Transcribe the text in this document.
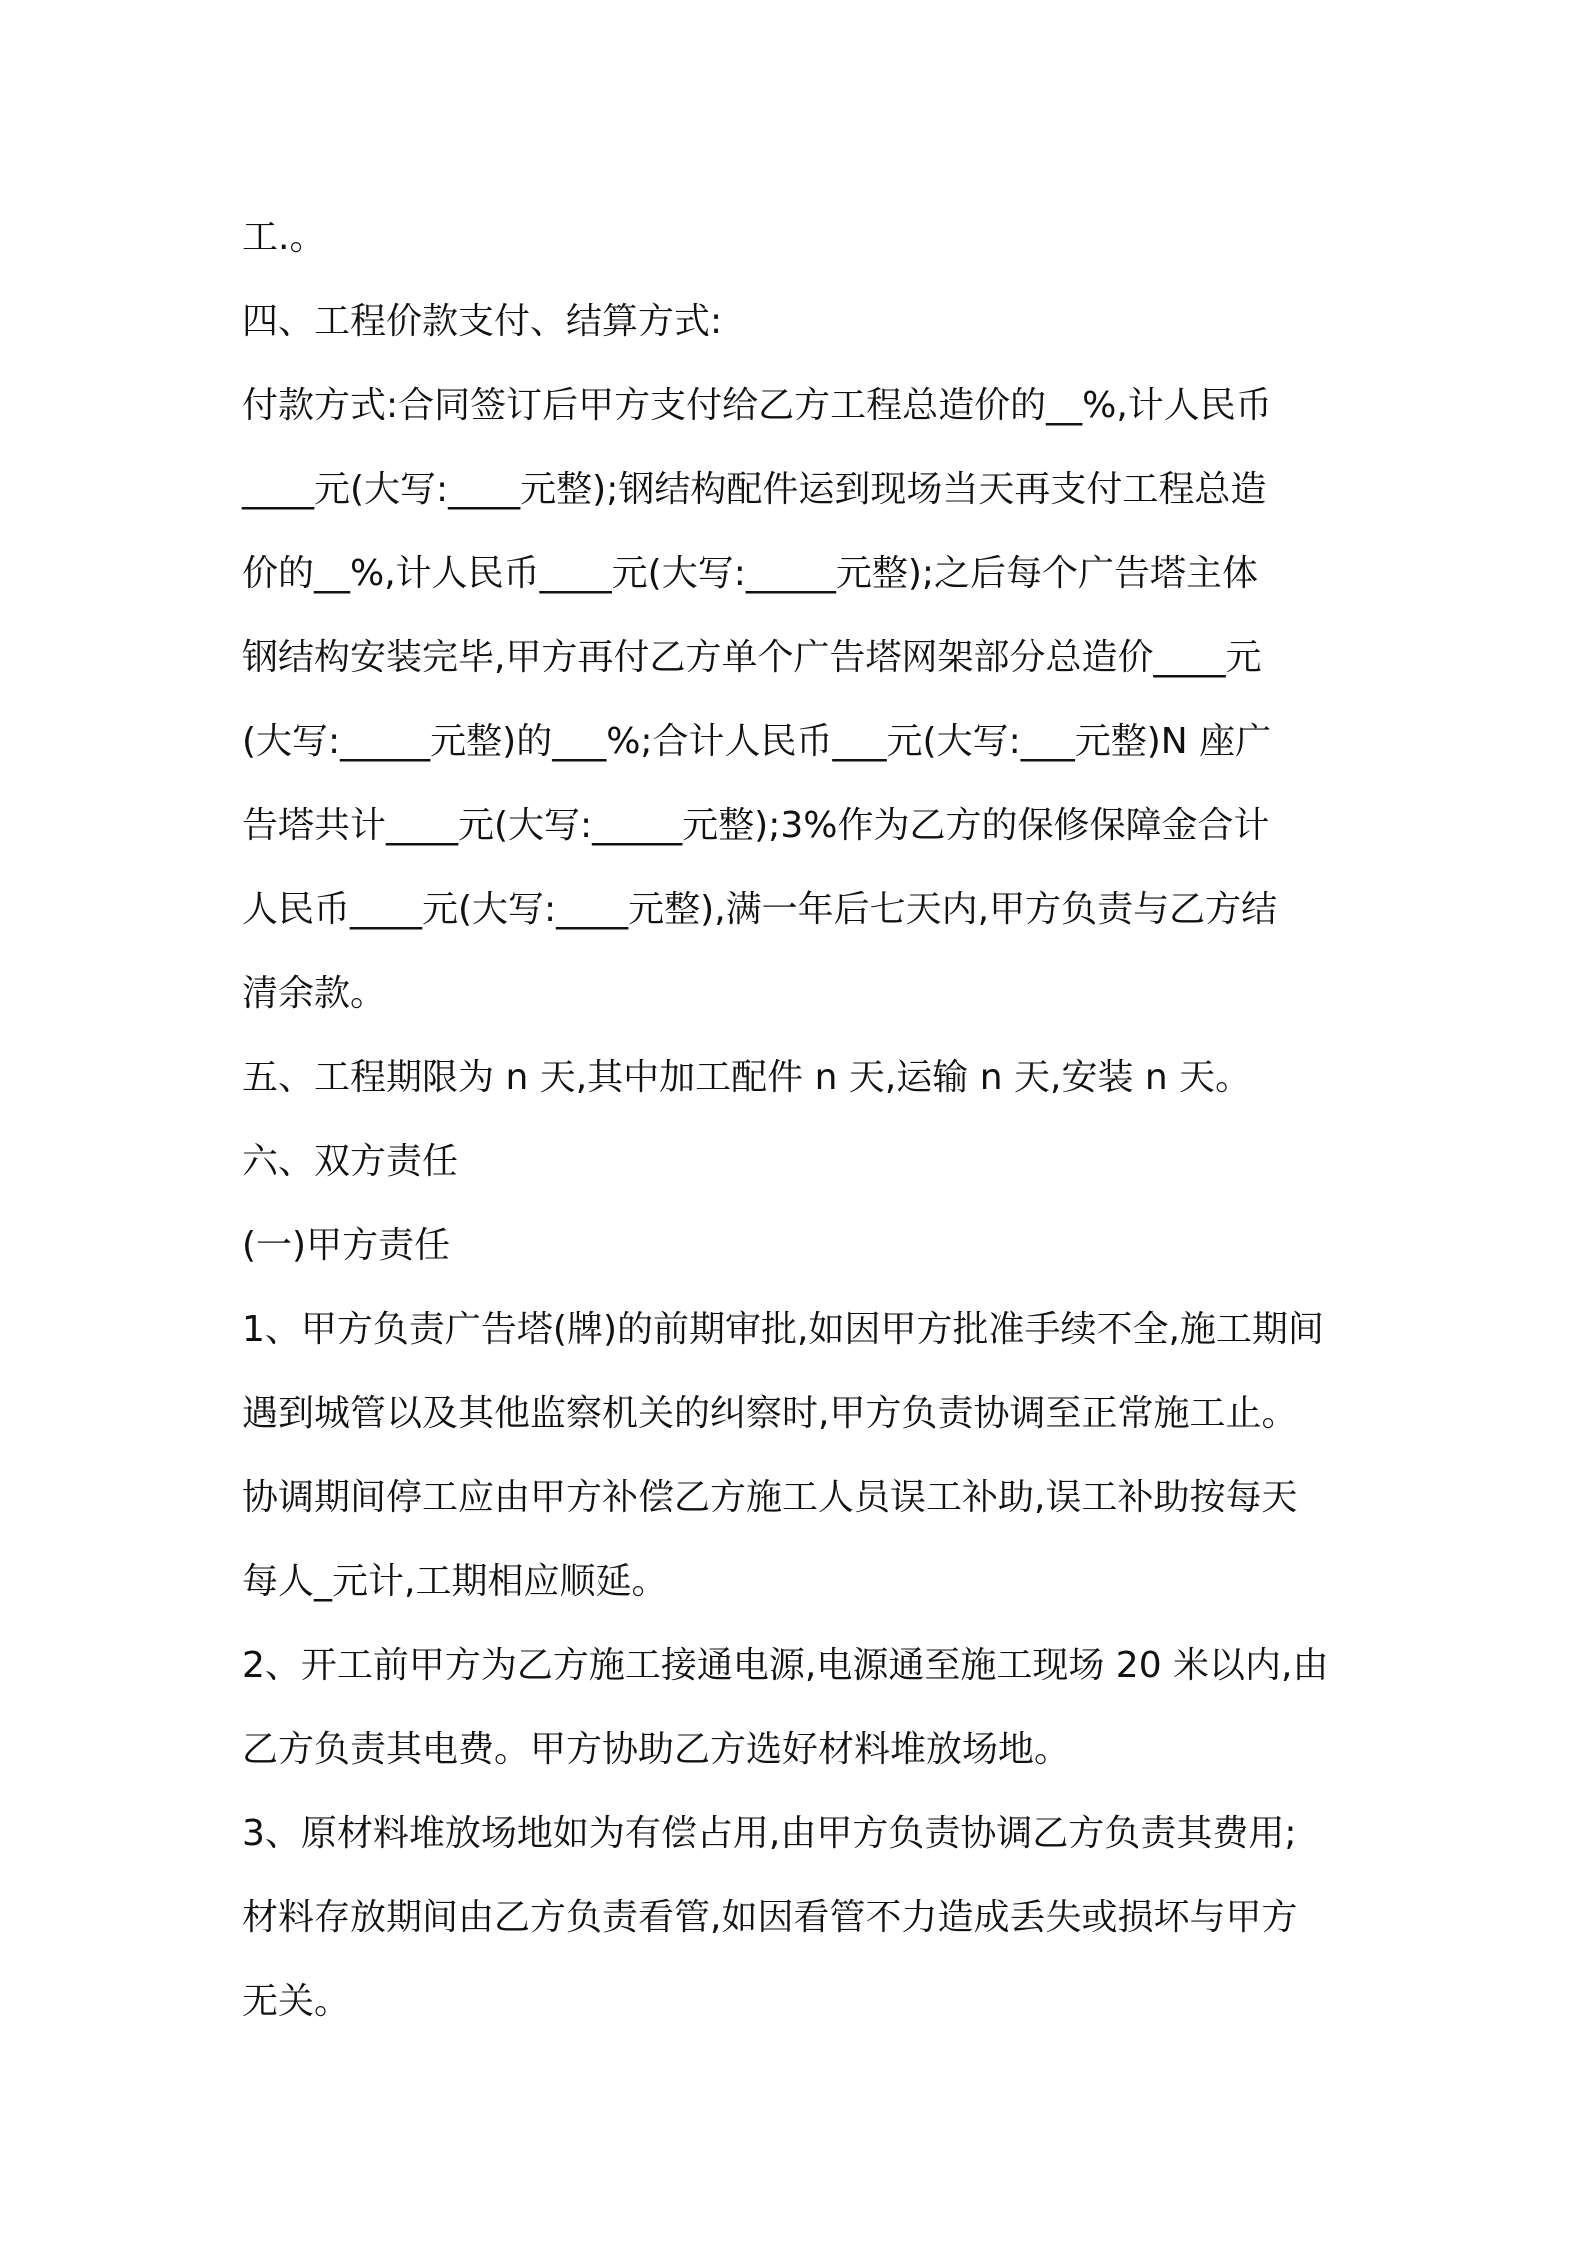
工.。

四、工程价款支付、结算方式:

付款方式:合同签订后甲方支付给乙方工程总造价的__%,计人民币

____元(大写:____元整);钢结构配件运到现场当天再支付工程总造

价的__%,计人民币____元(大写:_____元整);之后每个广告塔主体

钢结构安装完毕,甲方再付乙方单个广告塔网架部分总造价____元

(大写:_____元整)的___%;合计人民币___元(大写:___元整)N 座广

告塔共计____元(大写:_____元整);3%作为乙方的保修保障金合计

人民币____元(大写:____元整),满一年后七天内,甲方负责与乙方结

清余款。

五、工程期限为 n 天,其中加工配件 n 天,运输 n 天,安装 n 天。

六、双方责任

(一)甲方责任

1、甲方负责广告塔(牌)的前期审批,如因甲方批准手续不全,施工期间

遇到城管以及其他监察机关的纠察时,甲方负责协调至正常施工止。

协调期间停工应由甲方补偿乙方施工人员误工补助,误工补助按每天

每人_元计,工期相应顺延。

2、开工前甲方为乙方施工接通电源,电源通至施工现场 20 米以内,由

乙方负责其电费。甲方协助乙方选好材料堆放场地。

3、原材料堆放场地如为有偿占用,由甲方负责协调乙方负责其费用;

材料存放期间由乙方负责看管,如因看管不力造成丢失或损坏与甲方

无关。
